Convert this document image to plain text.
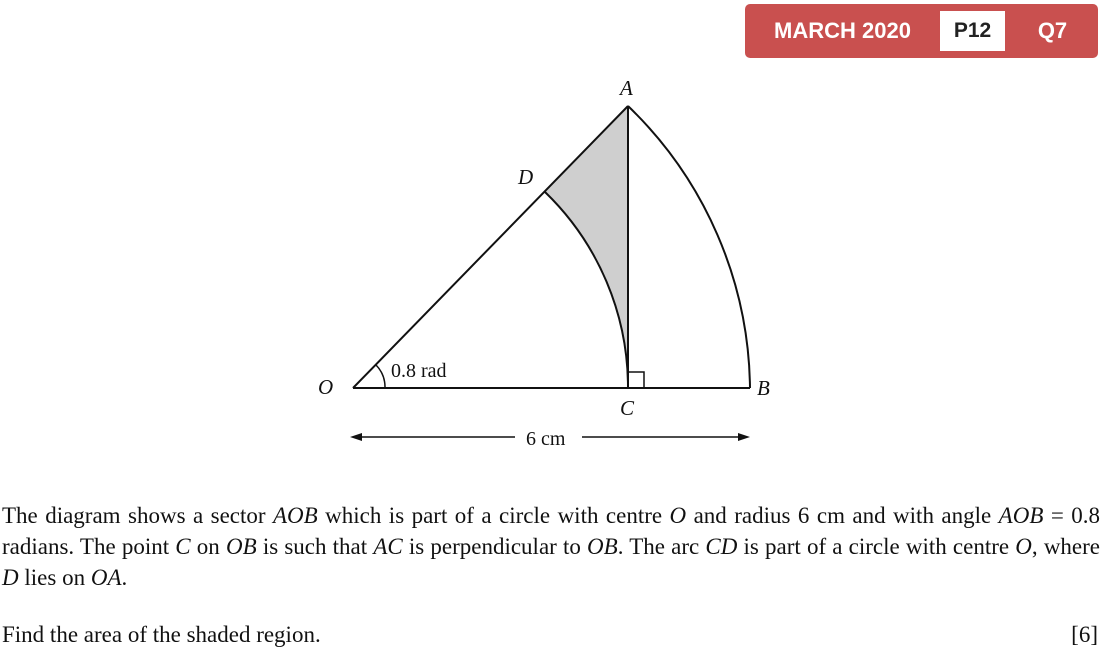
MARCH 2020	P12	Q7
A
D
O	B
C
0.8 rad
6 cm

The diagram shows a sector AOB which is part of a circle with centre O and radius 6 cm and with angle AOB = 0.8 radians. The point C on OB is such that AC is perpendicular to OB. The arc CD is part of a circle with centre O, where D lies on OA.

Find the area of the shaded region.	[6]
